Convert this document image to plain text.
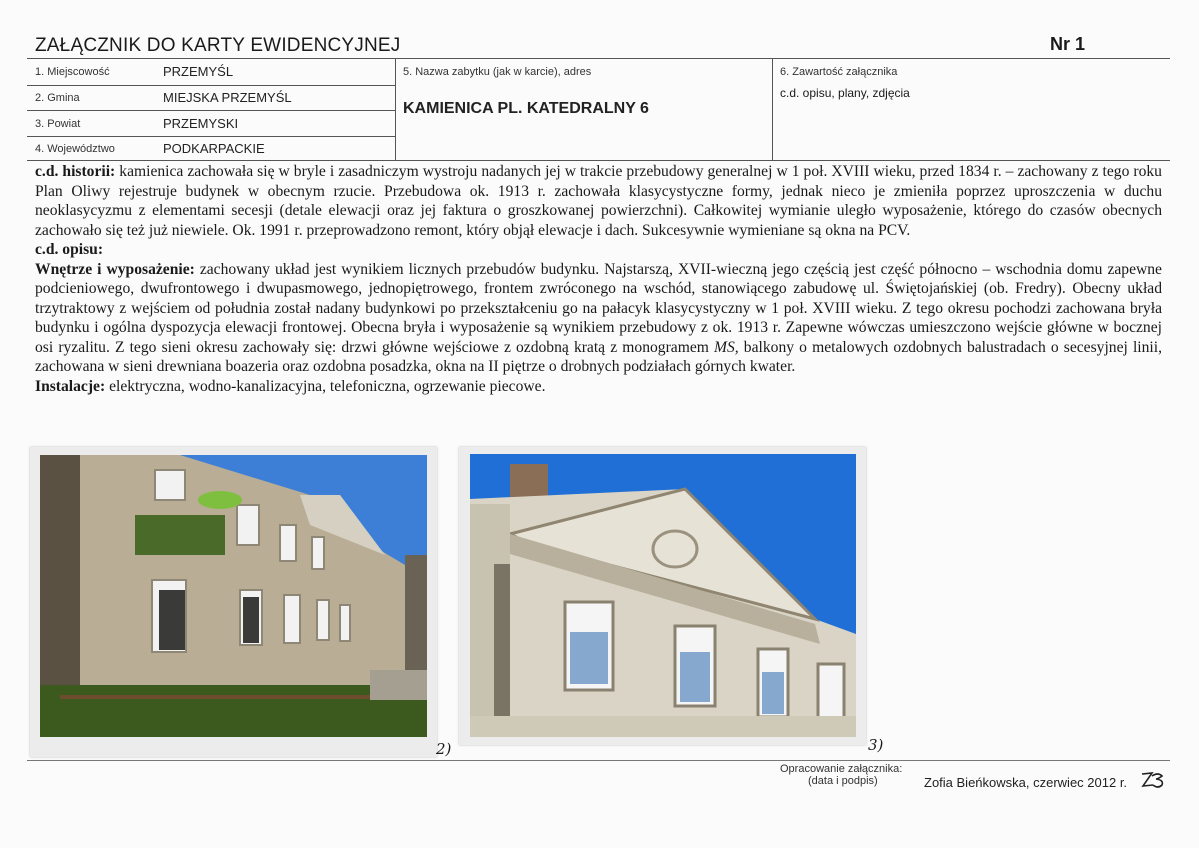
ZAŁĄCZNIK DO KARTY EWIDENCYJNEJ	Nr 1
1. Miejscowość	PRZEMYŚL
2. Gmina	MIEJSKA PRZEMYŚL
3. Powiat	PRZEMYSKI
4. Województwo	PODKARPACKIE
5. Nazwa zabytku (jak w karcie), adres
KAMIENICA PL. KATEDRALNY 6
6. Zawartość załącznika
c.d. opisu, plany, zdjęcia

c.d. historii: kamienica zachowała się w bryle i zasadniczym wystroju nadanych jej w trakcie przebudowy generalnej w 1 poł. XVIII wieku, przed 1834 r. – zachowany z tego roku Plan Oliwy rejestruje budynek w obecnym rzucie. Przebudowa ok. 1913 r. zachowała klasycystyczne formy, jednak nieco je zmieniła poprzez uproszczenia w duchu neoklasycyzmu z elementami secesji (detale elewacji oraz jej faktura o groszkowanej powierzchni). Całkowitej wymianie uległo wyposażenie, którego do czasów obecnych zachowało się też już niewiele. Ok. 1991 r. przeprowadzono remont, który objął elewacje i dach. Sukcesywnie wymieniane są okna na PCV.

c.d. opisu:

Wnętrze i wyposażenie: zachowany układ jest wynikiem licznych przebudów budynku. Najstarszą, XVII-wieczną jego częścią jest część północno – wschodnia domu zapewne podcieniowego, dwufrontowego i dwupasmowego, jednopiętrowego, frontem zwróconego na wschód, stanowiącego zabudowę ul. Świętojańskiej (ob. Fredry). Obecny układ trzytraktowy z wejściem od południa został nadany budynkowi po przekształceniu go na pałacyk klasycystyczny w 1 poł. XVIII wieku. Z tego okresu pochodzi zachowana bryła budynku i ogólna dyspozycja elewacji frontowej. Obecna bryła i wyposażenie są wynikiem przebudowy z ok. 1913 r. Zapewne wówczas umieszczono wejście główne w bocznej osi ryzalitu. Z tego sieni okresu zachowały się: drzwi główne wejściowe z ozdobną kratą z monogramem MS, balkony o metalowych ozdobnych balustradach o secesyjnej linii, zachowana w sieni drewniana boazeria oraz ozdobna posadzka, okna na II piętrze o drobnych podziałach górnych kwater.

Instalacje: elektryczna, wodno-kanalizacyjna, telefoniczna, ogrzewanie piecowe.

2)	3)
Opracowanie załącznika:
(data i podpis)	Zofia Bieńkowska, czerwiec 2012 r.
